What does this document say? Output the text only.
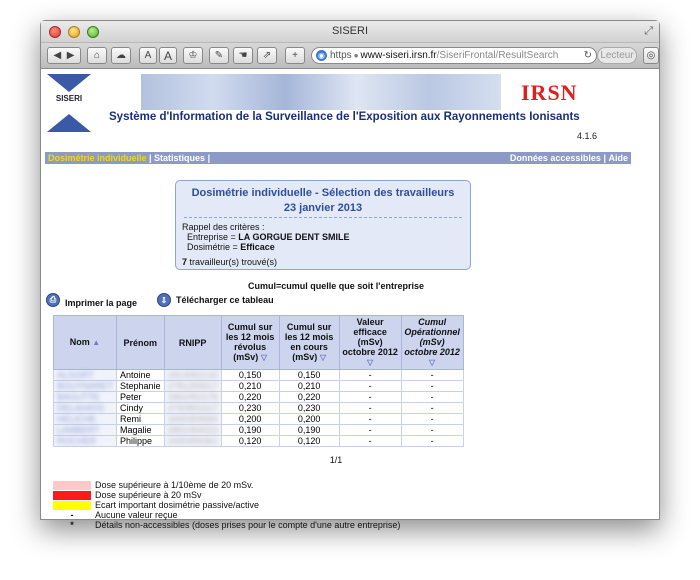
SISERI	⤢
◀
▶ ⌂ ☁	A	A	♔ ✎ ☚ ⇗ +	◉ https ● www-siseri.irsn.fr /SiseriFrontal/ResultSearch	↻ Lecteur	◎
SISERI	IRSN
Système d'Information de la Surveillance de l'Exposition aux Rayonnements Ionisants
4.1.6
Dosimétrie individuelle | Statistiques |	Données accessibles | Aide
Dosimétrie individuelle - Sélection des travailleurs
23 janvier 2013
Rappel des critères :
Entreprise = LA GORGUE DENT SMILE
Dosimétrie = Efficace
7 travailleur(s) trouvé(s)
Cumul=cumul quelle que soit l'entreprise
⎙ Imprimer la page	⇩ Télécharger ce tableau
Nom ▲	Prénom	RNIPP	Cumul sur
les 12 mois
révolus
(mSv) ▽	Cumul sur
les 12 mois
en cours
(mSv) ▽	Valeur
efficace
(mSv)
octobre 2012
▽	Cumul
Opérationnel
(mSv)
octobre 2012
▽
ALGORT	Antoine	1813062133	0,150	0,150	-	-
BOUYNARET	Stephanie	2781259917	0,210	0,210	-	-
BAGUTTE	Peter	1861052176	0,220	0,220	-	-
DELAHAYE	Cindy	2760891617	0,230	0,230	-	-
HELICHE	Remi	1830359684	0,200	0,200	-	-
LAMBERT	Magalie	2851064023	0,190	0,190	-	-
ROCHER	Philippe	1690459361	0,120	0,120	-	-
1/1
Dose supérieure à 1/10ème de 20 mSv.
Dose supérieure à 20 mSv
Ecart important dosimétrie passive/active
-	Aucune valeur reçue
*	Détails non-accessibles (doses prises pour le compte d'une autre entreprise)
